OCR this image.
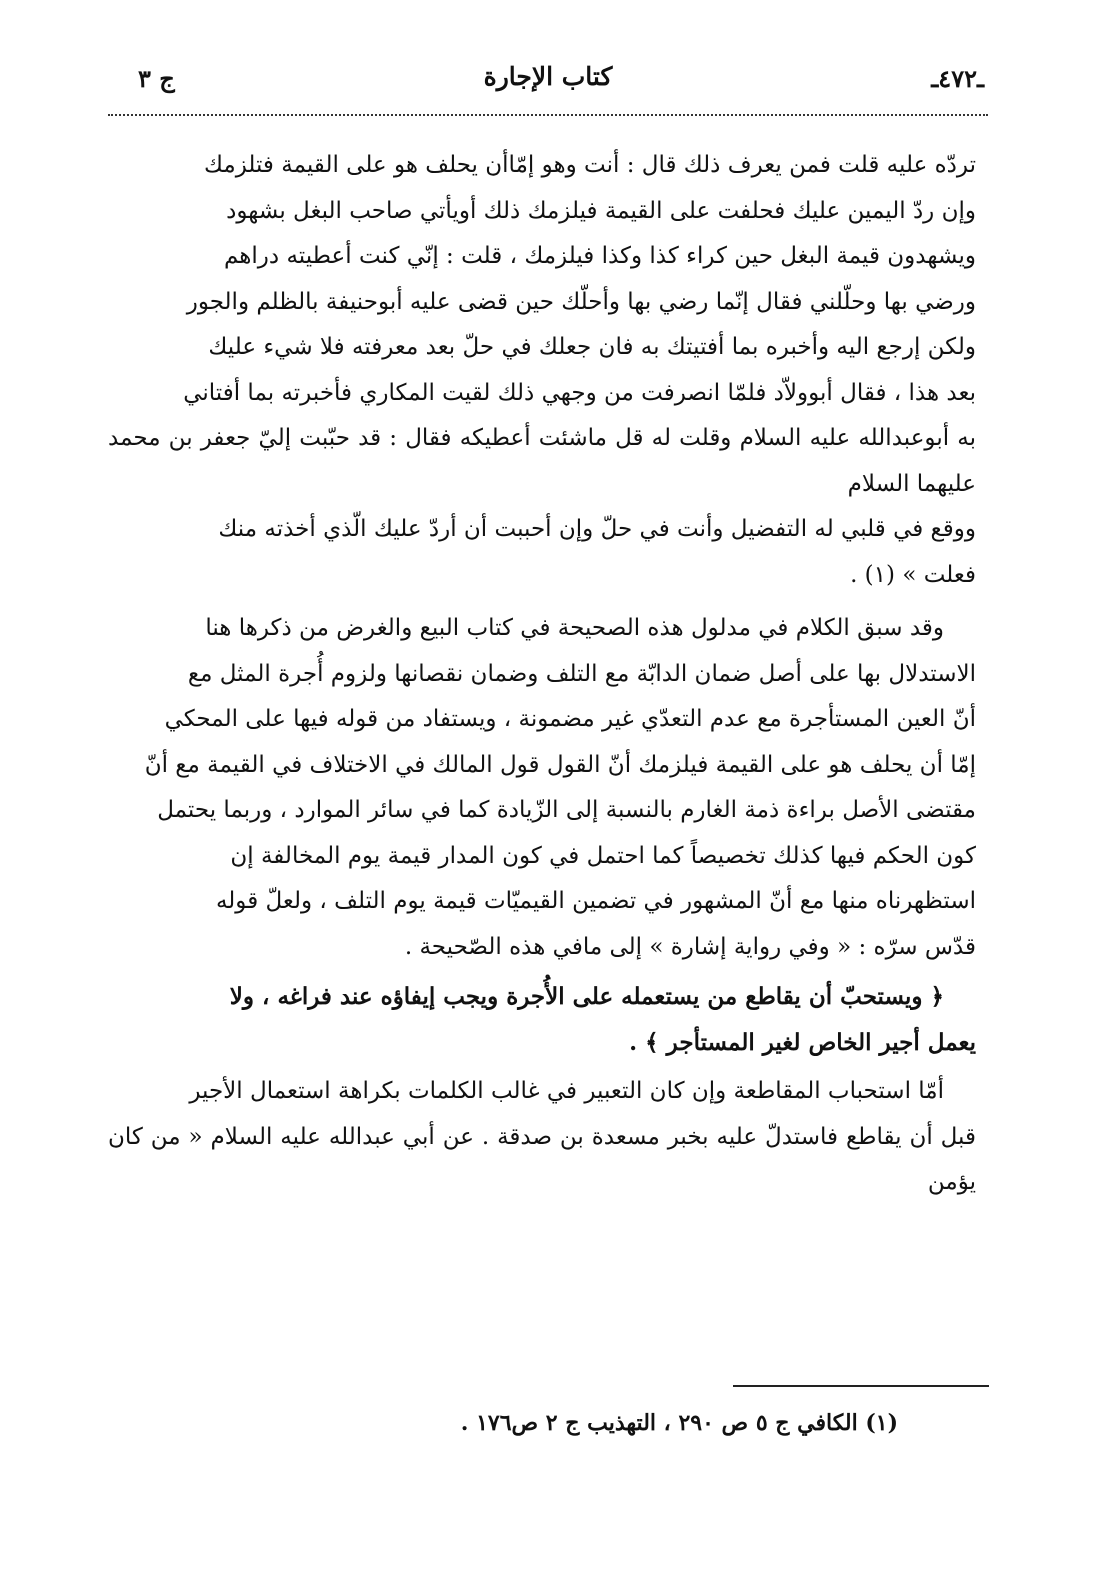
ـ٤٧٢ـ
كتاب الإجارة
ج ٣

تردّه عليه قلت فمن يعرف ذلك قال : أنت وهو إمّاأن يحلف هو على القيمة فتلزمك
وإن ردّ اليمين عليك فحلفت على القيمة فيلزمك ذلك أويأتي صاحب البغل بشهود
ويشهدون قيمة البغل حين كراء كذا وكذا فيلزمك ، قلت : إنّي كنت أعطيته دراهم
ورضي بها وحلّلني فقال إنّما رضي بها وأحلّك حين قضى عليه أبوحنيفة بالظلم والجور
ولكن إرجع اليه وأخبره بما أفتيتك به فان جعلك في حلّ بعد معرفته فلا شيء عليك
بعد هذا ، فقال أبوولاّد فلمّا انصرفت من وجهي ذلك لقيت المكاري فأخبرته بما أفتاني
به أبوعبدالله عليه السلام وقلت له قل ماشئت أعطيكه فقال : قد حبّبت إليّ جعفر بن محمد عليهما السلام
ووقع في قلبي له التفضيل وأنت في حلّ وإن أحببت أن أردّ عليك الّذي أخذته منك
فعلت » (١) .

وقد سبق الكلام في مدلول هذه الصحيحة في كتاب البيع والغرض من ذكرها هنا
الاستدلال بها على أصل ضمان الدابّة مع التلف وضمان نقصانها ولزوم أُجرة المثل مع
أنّ العين المستأجرة مع عدم التعدّي غير مضمونة ، ويستفاد من قوله فيها على المحكي
إمّا أن يحلف هو على القيمة فيلزمك أنّ القول قول المالك في الاختلاف في القيمة مع أنّ
مقتضى الأصل براءة ذمة الغارم بالنسبة إلى الزّيادة كما في سائر الموارد ، وربما يحتمل
كون الحكم فيها كذلك تخصيصاً كما احتمل في كون المدار قيمة يوم المخالفة إن
استظهرناه منها مع أنّ المشهور في تضمين القيميّات قيمة يوم التلف ، ولعلّ قوله
قدّس سرّه : « وفي رواية إشارة » إلى مافي هذه الصّحيحة .

﴿ ويستحبّ أن يقاطع من يستعمله على الأُجرة ويجب إيفاؤه عند فراغه ، ولا
يعمل أجير الخاص لغير المستأجر ﴾ .

أمّا استحباب المقاطعة وإن كان التعبير في غالب الكلمات بكراهة استعمال الأجير
قبل أن يقاطع فاستدلّ عليه بخبر مسعدة بن صدقة . عن أبي عبدالله عليه السلام « من كان يؤمن

(١) الكافي ج ٥ ص ٢٩٠ ، التهذيب ج ٢ ص١٧٦ .
